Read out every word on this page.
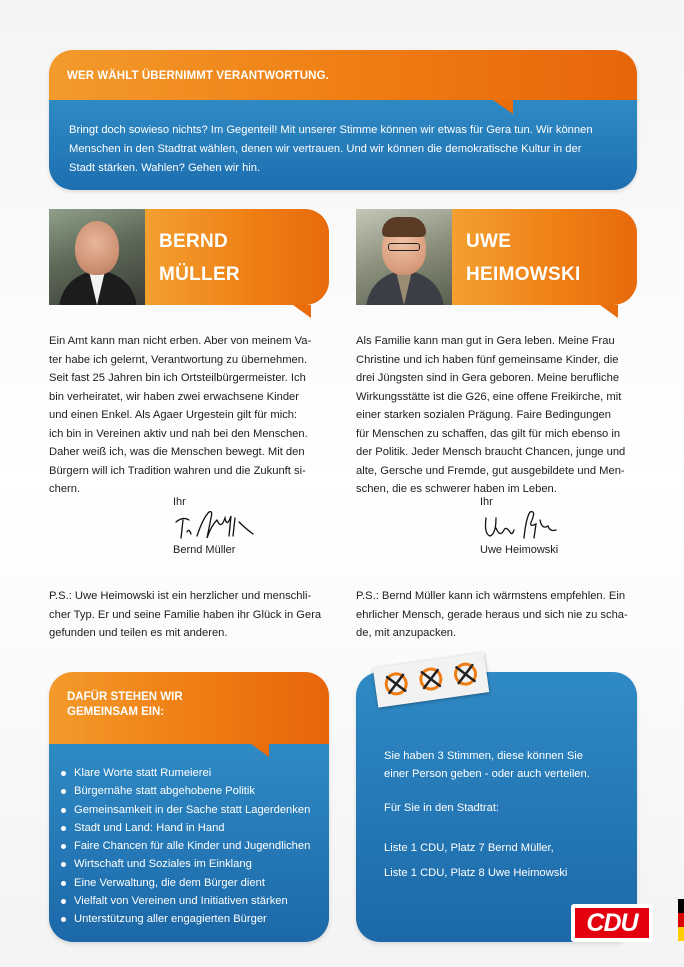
WER WÄHLT ÜBERNIMMT VERANTWORTUNG.
Bringt doch sowieso nichts? Im Gegenteil! Mit unserer Stimme können wir etwas für Gera tun. Wir können
Menschen in den Stadtrat wählen, denen wir vertrauen. Und wir können die demokratische Kultur in der
Stadt stärken. Wahlen? Gehen wir hin.
BERND
MÜLLER
UWE
HEIMOWSKI
Ein Amt kann man nicht erben. Aber von meinem Va-
ter habe ich gelernt, Verantwortung zu übernehmen.
Seit fast 25 Jahren bin ich Ortsteilbürgermeister. Ich
bin verheiratet, wir haben zwei erwachsene Kinder
und einen Enkel. Als Agaer Urgestein gilt für mich:
ich bin in Vereinen aktiv und nah bei den Menschen.
Daher weiß ich, was die Menschen bewegt. Mit den
Bürgern will ich Tradition wahren und die Zukunft si-
chern.
Als Familie kann man gut in Gera leben. Meine Frau
Christine und ich haben fünf gemeinsame Kinder, die
drei Jüngsten sind in Gera geboren. Meine berufliche
Wirkungsstätte ist die G26, eine offene Freikirche, mit
einer starken sozialen Prägung. Faire Bedingungen
für Menschen zu schaffen, das gilt für mich ebenso in
der Politik. Jeder Mensch braucht Chancen, junge und
alte, Gersche und Fremde, gut ausgebildete und Men-
schen, die es schwerer haben im Leben.
Ihr
Bernd Müller
Ihr
Uwe Heimowski
P.S.: Uwe Heimowski ist ein herzlicher und menschli-
cher Typ. Er und seine Familie haben ihr Glück in Gera
gefunden und teilen es mit anderen.
P.S.: Bernd Müller kann ich wärmstens empfehlen. Ein
ehrlicher Mensch, gerade heraus und sich nie zu scha-
de, mit anzupacken.
DAFÜR STEHEN WIR
GEMEINSAM EIN:
Klare Worte statt Rumeierei
Bürgernähe statt abgehobene Politik
Gemeinsamkeit in der Sache statt Lagerdenken
Stadt und Land: Hand in Hand
Faire Chancen für alle Kinder und Jugendlichen
Wirtschaft und Soziales im Einklang
Eine Verwaltung, die dem Bürger dient
Vielfalt von Vereinen und Initiativen stärken
Unterstützung aller engagierten Bürger
Sie haben 3 Stimmen, diese können Sie
einer Person geben - oder auch verteilen.
Für Sie in den Stadtrat:
Liste 1 CDU, Platz 7 Bernd Müller,
Liste 1 CDU, Platz 8 Uwe Heimowski
CDU
